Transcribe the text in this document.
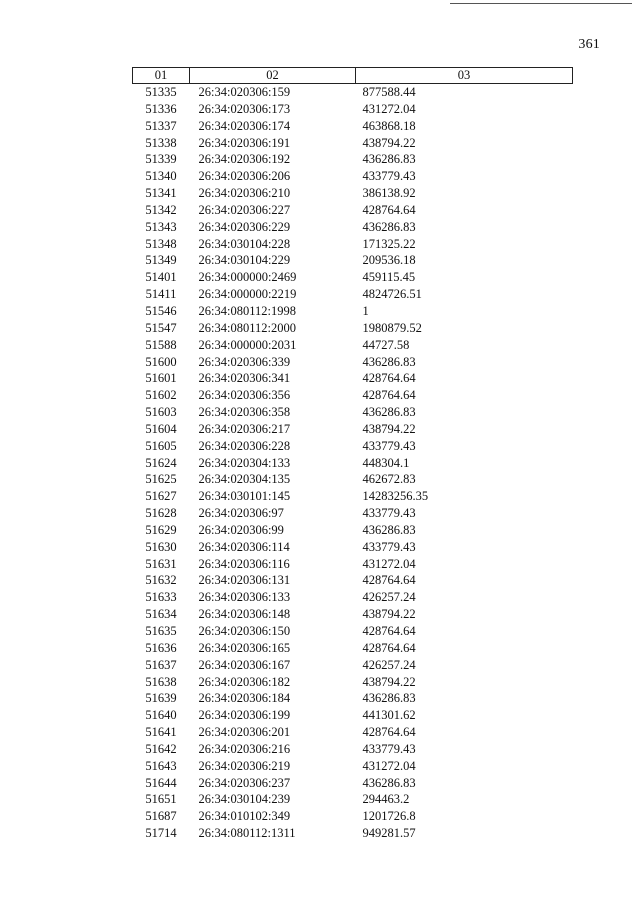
361
01	02	03
51335	26:34:020306:159	877588.44
51336	26:34:020306:173	431272.04
51337	26:34:020306:174	463868.18
51338	26:34:020306:191	438794.22
51339	26:34:020306:192	436286.83
51340	26:34:020306:206	433779.43
51341	26:34:020306:210	386138.92
51342	26:34:020306:227	428764.64
51343	26:34:020306:229	436286.83
51348	26:34:030104:228	171325.22
51349	26:34:030104:229	209536.18
51401	26:34:000000:2469	459115.45
51411	26:34:000000:2219	4824726.51
51546	26:34:080112:1998	1
51547	26:34:080112:2000	1980879.52
51588	26:34:000000:2031	44727.58
51600	26:34:020306:339	436286.83
51601	26:34:020306:341	428764.64
51602	26:34:020306:356	428764.64
51603	26:34:020306:358	436286.83
51604	26:34:020306:217	438794.22
51605	26:34:020306:228	433779.43
51624	26:34:020304:133	448304.1
51625	26:34:020304:135	462672.83
51627	26:34:030101:145	14283256.35
51628	26:34:020306:97	433779.43
51629	26:34:020306:99	436286.83
51630	26:34:020306:114	433779.43
51631	26:34:020306:116	431272.04
51632	26:34:020306:131	428764.64
51633	26:34:020306:133	426257.24
51634	26:34:020306:148	438794.22
51635	26:34:020306:150	428764.64
51636	26:34:020306:165	428764.64
51637	26:34:020306:167	426257.24
51638	26:34:020306:182	438794.22
51639	26:34:020306:184	436286.83
51640	26:34:020306:199	441301.62
51641	26:34:020306:201	428764.64
51642	26:34:020306:216	433779.43
51643	26:34:020306:219	431272.04
51644	26:34:020306:237	436286.83
51651	26:34:030104:239	294463.2
51687	26:34:010102:349	1201726.8
51714	26:34:080112:1311	949281.57
